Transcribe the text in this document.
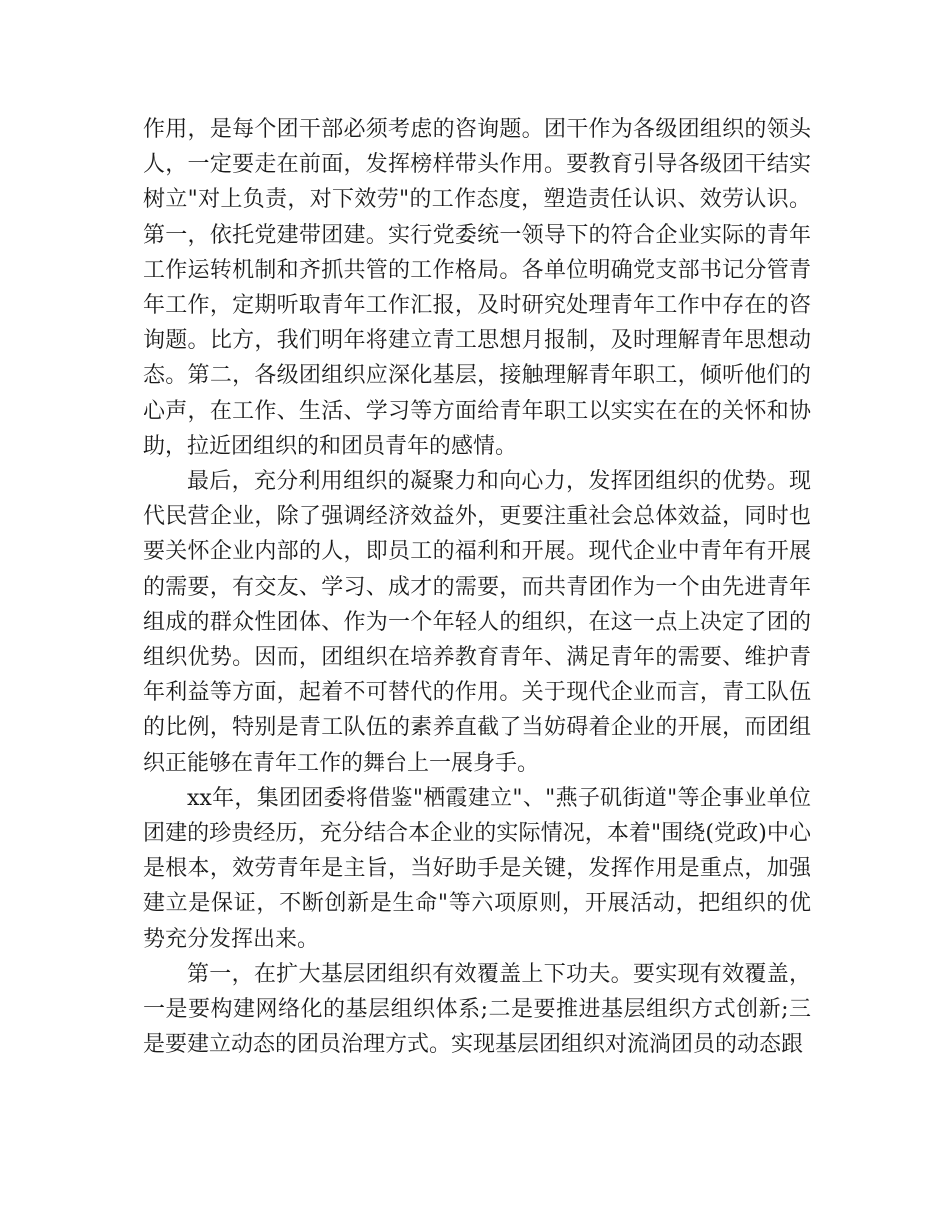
作用，是每个团干部必须考虑的咨询题。团干作为各级团组织的领头人，一定要走在前面，发挥榜样带头作用。要教育引导各级团干结实树立"对上负责，对下效劳"的工作态度，塑造责任认识、效劳认识。第一，依托党建带团建。实行党委统一领导下的符合企业实际的青年工作运转机制和齐抓共管的工作格局。各单位明确党支部书记分管青年工作，定期听取青年工作汇报，及时研究处理青年工作中存在的咨询题。比方，我们明年将建立青工思想月报制，及时理解青年思想动态。第二，各级团组织应深化基层，接触理解青年职工，倾听他们的心声，在工作、生活、学习等方面给青年职工以实实在在的关怀和协助，拉近团组织的和团员青年的感情。

最后，充分利用组织的凝聚力和向心力，发挥团组织的优势。现代民营企业，除了强调经济效益外，更要注重社会总体效益，同时也要关怀企业内部的人，即员工的福利和开展。现代企业中青年有开展的需要，有交友、学习、成才的需要，而共青团作为一个由先进青年组成的群众性团体、作为一个年轻人的组织，在这一点上决定了团的组织优势。因而，团组织在培养教育青年、满足青年的需要、维护青年利益等方面，起着不可替代的作用。关于现代企业而言，青工队伍的比例，特别是青工队伍的素养直截了当妨碍着企业的开展，而团组织正能够在青年工作的舞台上一展身手。

xx年，集团团委将借鉴"栖霞建立"、"燕子矶街道"等企事业单位团建的珍贵经历，充分结合本企业的实际情况，本着"围绕(党政)中心是根本，效劳青年是主旨，当好助手是关键，发挥作用是重点，加强建立是保证，不断创新是生命"等六项原则，开展活动，把组织的优势充分发挥出来。

第一，在扩大基层团组织有效覆盖上下功夫。要实现有效覆盖，一是要构建网络化的基层组织体系;二是要推进基层组织方式创新;三是要建立动态的团员治理方式。实现基层团组织对流淌团员的动态跟
